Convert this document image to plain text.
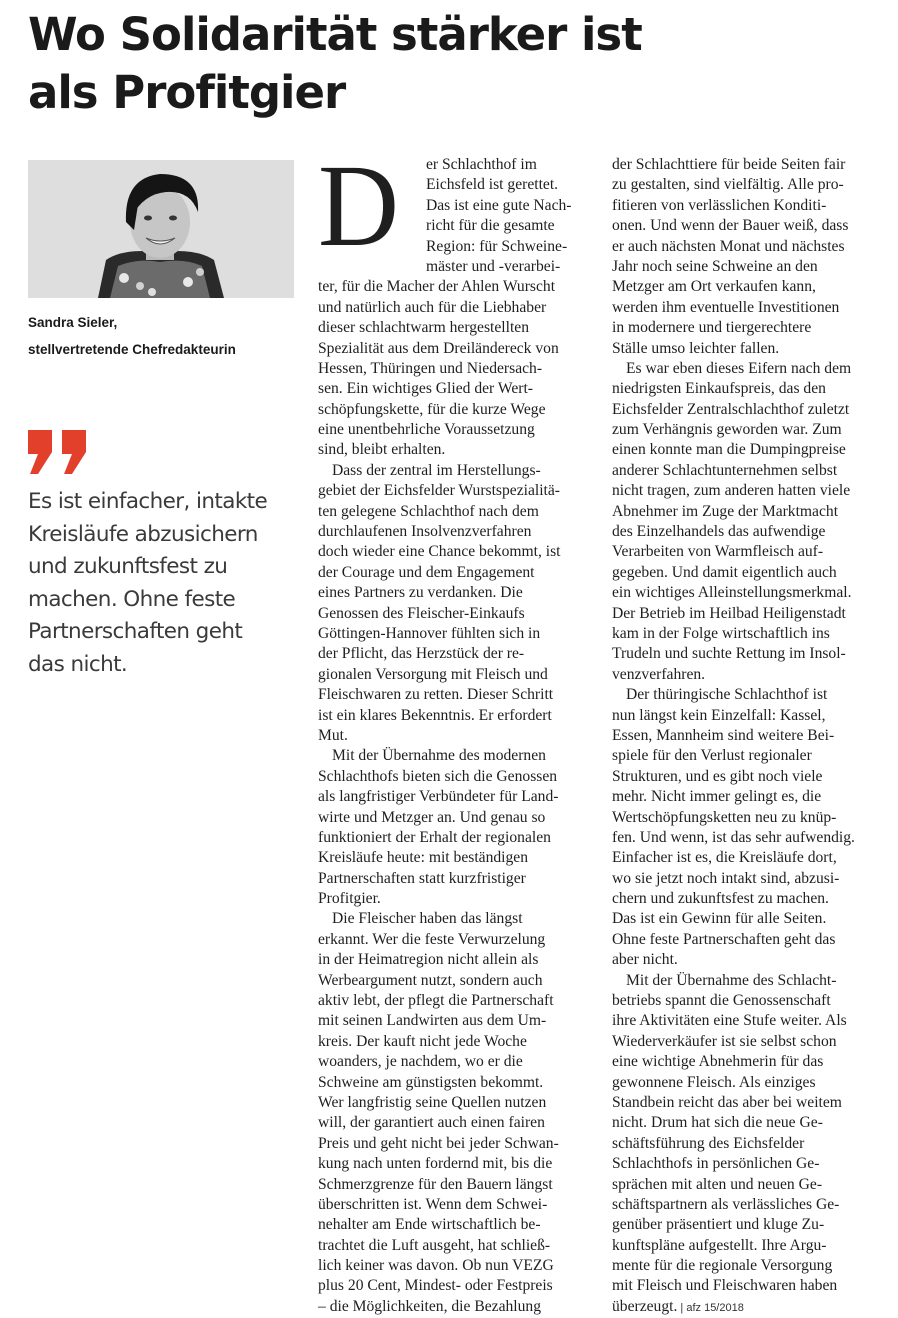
Wo Solidarität stärker ist
als Profitgier
Sandra Sieler,
stellvertretende Chefredakteurin
Es ist einfacher, intakte
Kreisläufe abzusichern
und zukunftsfest zu
machen. Ohne feste
Partnerschaften geht
das nicht.
D	er Schlachthof im
Eichsfeld ist gerettet.
Das ist eine gute Nach-
richt für die gesamte
Region: für Schweine-
mäster und -verarbei-
ter, für die Macher der Ahlen Wurscht
und natürlich auch für die Liebhaber
dieser schlachtwarm hergestellten
Spezialität aus dem Dreiländereck von
Hessen, Thüringen und Niedersach-
sen. Ein wichtiges Glied der Wert-
schöpfungskette, für die kurze Wege
eine unentbehrliche Voraussetzung
sind, bleibt erhalten.
Dass der zentral im Herstellungs-
gebiet der Eichsfelder Wurstspezialitä-
ten gelegene Schlachthof nach dem
durchlaufenen Insolvenzverfahren
doch wieder eine Chance bekommt, ist
der Courage und dem Engagement
eines Partners zu verdanken. Die
Genossen des Fleischer-Einkaufs
Göttingen-Hannover fühlten sich in
der Pflicht, das Herzstück der re-
gionalen Versorgung mit Fleisch und
Fleischwaren zu retten. Dieser Schritt
ist ein klares Bekenntnis. Er erfordert
Mut.
Mit der Übernahme des modernen
Schlachthofs bieten sich die Genossen
als langfristiger Verbündeter für Land-
wirte und Metzger an. Und genau so
funktioniert der Erhalt der regionalen
Kreisläufe heute: mit beständigen
Partnerschaften statt kurzfristiger
Profitgier.
Die Fleischer haben das längst
erkannt. Wer die feste Verwurzelung
in der Heimatregion nicht allein als
Werbeargument nutzt, sondern auch
aktiv lebt, der pflegt die Partnerschaft
mit seinen Landwirten aus dem Um-
kreis. Der kauft nicht jede Woche
woanders, je nachdem, wo er die
Schweine am günstigsten bekommt.
Wer langfristig seine Quellen nutzen
will, der garantiert auch einen fairen
Preis und geht nicht bei jeder Schwan-
kung nach unten fordernd mit, bis die
Schmerzgrenze für den Bauern längst
überschritten ist. Wenn dem Schwei-
nehalter am Ende wirtschaftlich be-
trachtet die Luft ausgeht, hat schließ-
lich keiner was davon. Ob nun VEZG
plus 20 Cent, Mindest- oder Festpreis
– die Möglichkeiten, die Bezahlung
der Schlachttiere für beide Seiten fair
zu gestalten, sind vielfältig. Alle pro-
fitieren von verlässlichen Konditi-
onen. Und wenn der Bauer weiß, dass
er auch nächsten Monat und nächstes
Jahr noch seine Schweine an den
Metzger am Ort verkaufen kann,
werden ihm eventuelle Investitionen
in modernere und tiergerechtere
Ställe umso leichter fallen.
Es war eben dieses Eifern nach dem
niedrigsten Einkaufspreis, das den
Eichsfelder Zentralschlachthof zuletzt
zum Verhängnis geworden war. Zum
einen konnte man die Dumpingpreise
anderer Schlachtunternehmen selbst
nicht tragen, zum anderen hatten viele
Abnehmer im Zuge der Marktmacht
des Einzelhandels das aufwendige
Verarbeiten von Warmfleisch auf-
gegeben. Und damit eigentlich auch
ein wichtiges Alleinstellungsmerkmal.
Der Betrieb im Heilbad Heiligenstadt
kam in der Folge wirtschaftlich ins
Trudeln und suchte Rettung im Insol-
venzverfahren.
Der thüringische Schlachthof ist
nun längst kein Einzelfall: Kassel,
Essen, Mannheim sind weitere Bei-
spiele für den Verlust regionaler
Strukturen, und es gibt noch viele
mehr. Nicht immer gelingt es, die
Wertschöpfungsketten neu zu knüp-
fen. Und wenn, ist das sehr aufwendig.
Einfacher ist es, die Kreisläufe dort,
wo sie jetzt noch intakt sind, abzusi-
chern und zukunftsfest zu machen.
Das ist ein Gewinn für alle Seiten.
Ohne feste Partnerschaften geht das
aber nicht.
Mit der Übernahme des Schlacht-
betriebs spannt die Genossenschaft
ihre Aktivitäten eine Stufe weiter. Als
Wiederverkäufer ist sie selbst schon
eine wichtige Abnehmerin für das
gewonnene Fleisch. Als einziges
Standbein reicht das aber bei weitem
nicht. Drum hat sich die neue Ge-
schäftsführung des Eichsfelder
Schlachthofs in persönlichen Ge-
sprächen mit alten und neuen Ge-
schäftspartnern als verlässliches Ge-
genüber präsentiert und kluge Zu-
kunftspläne aufgestellt. Ihre Argu-
mente für die regionale Versorgung
mit Fleisch und Fleischwaren haben
überzeugt. | afz 15/2018
